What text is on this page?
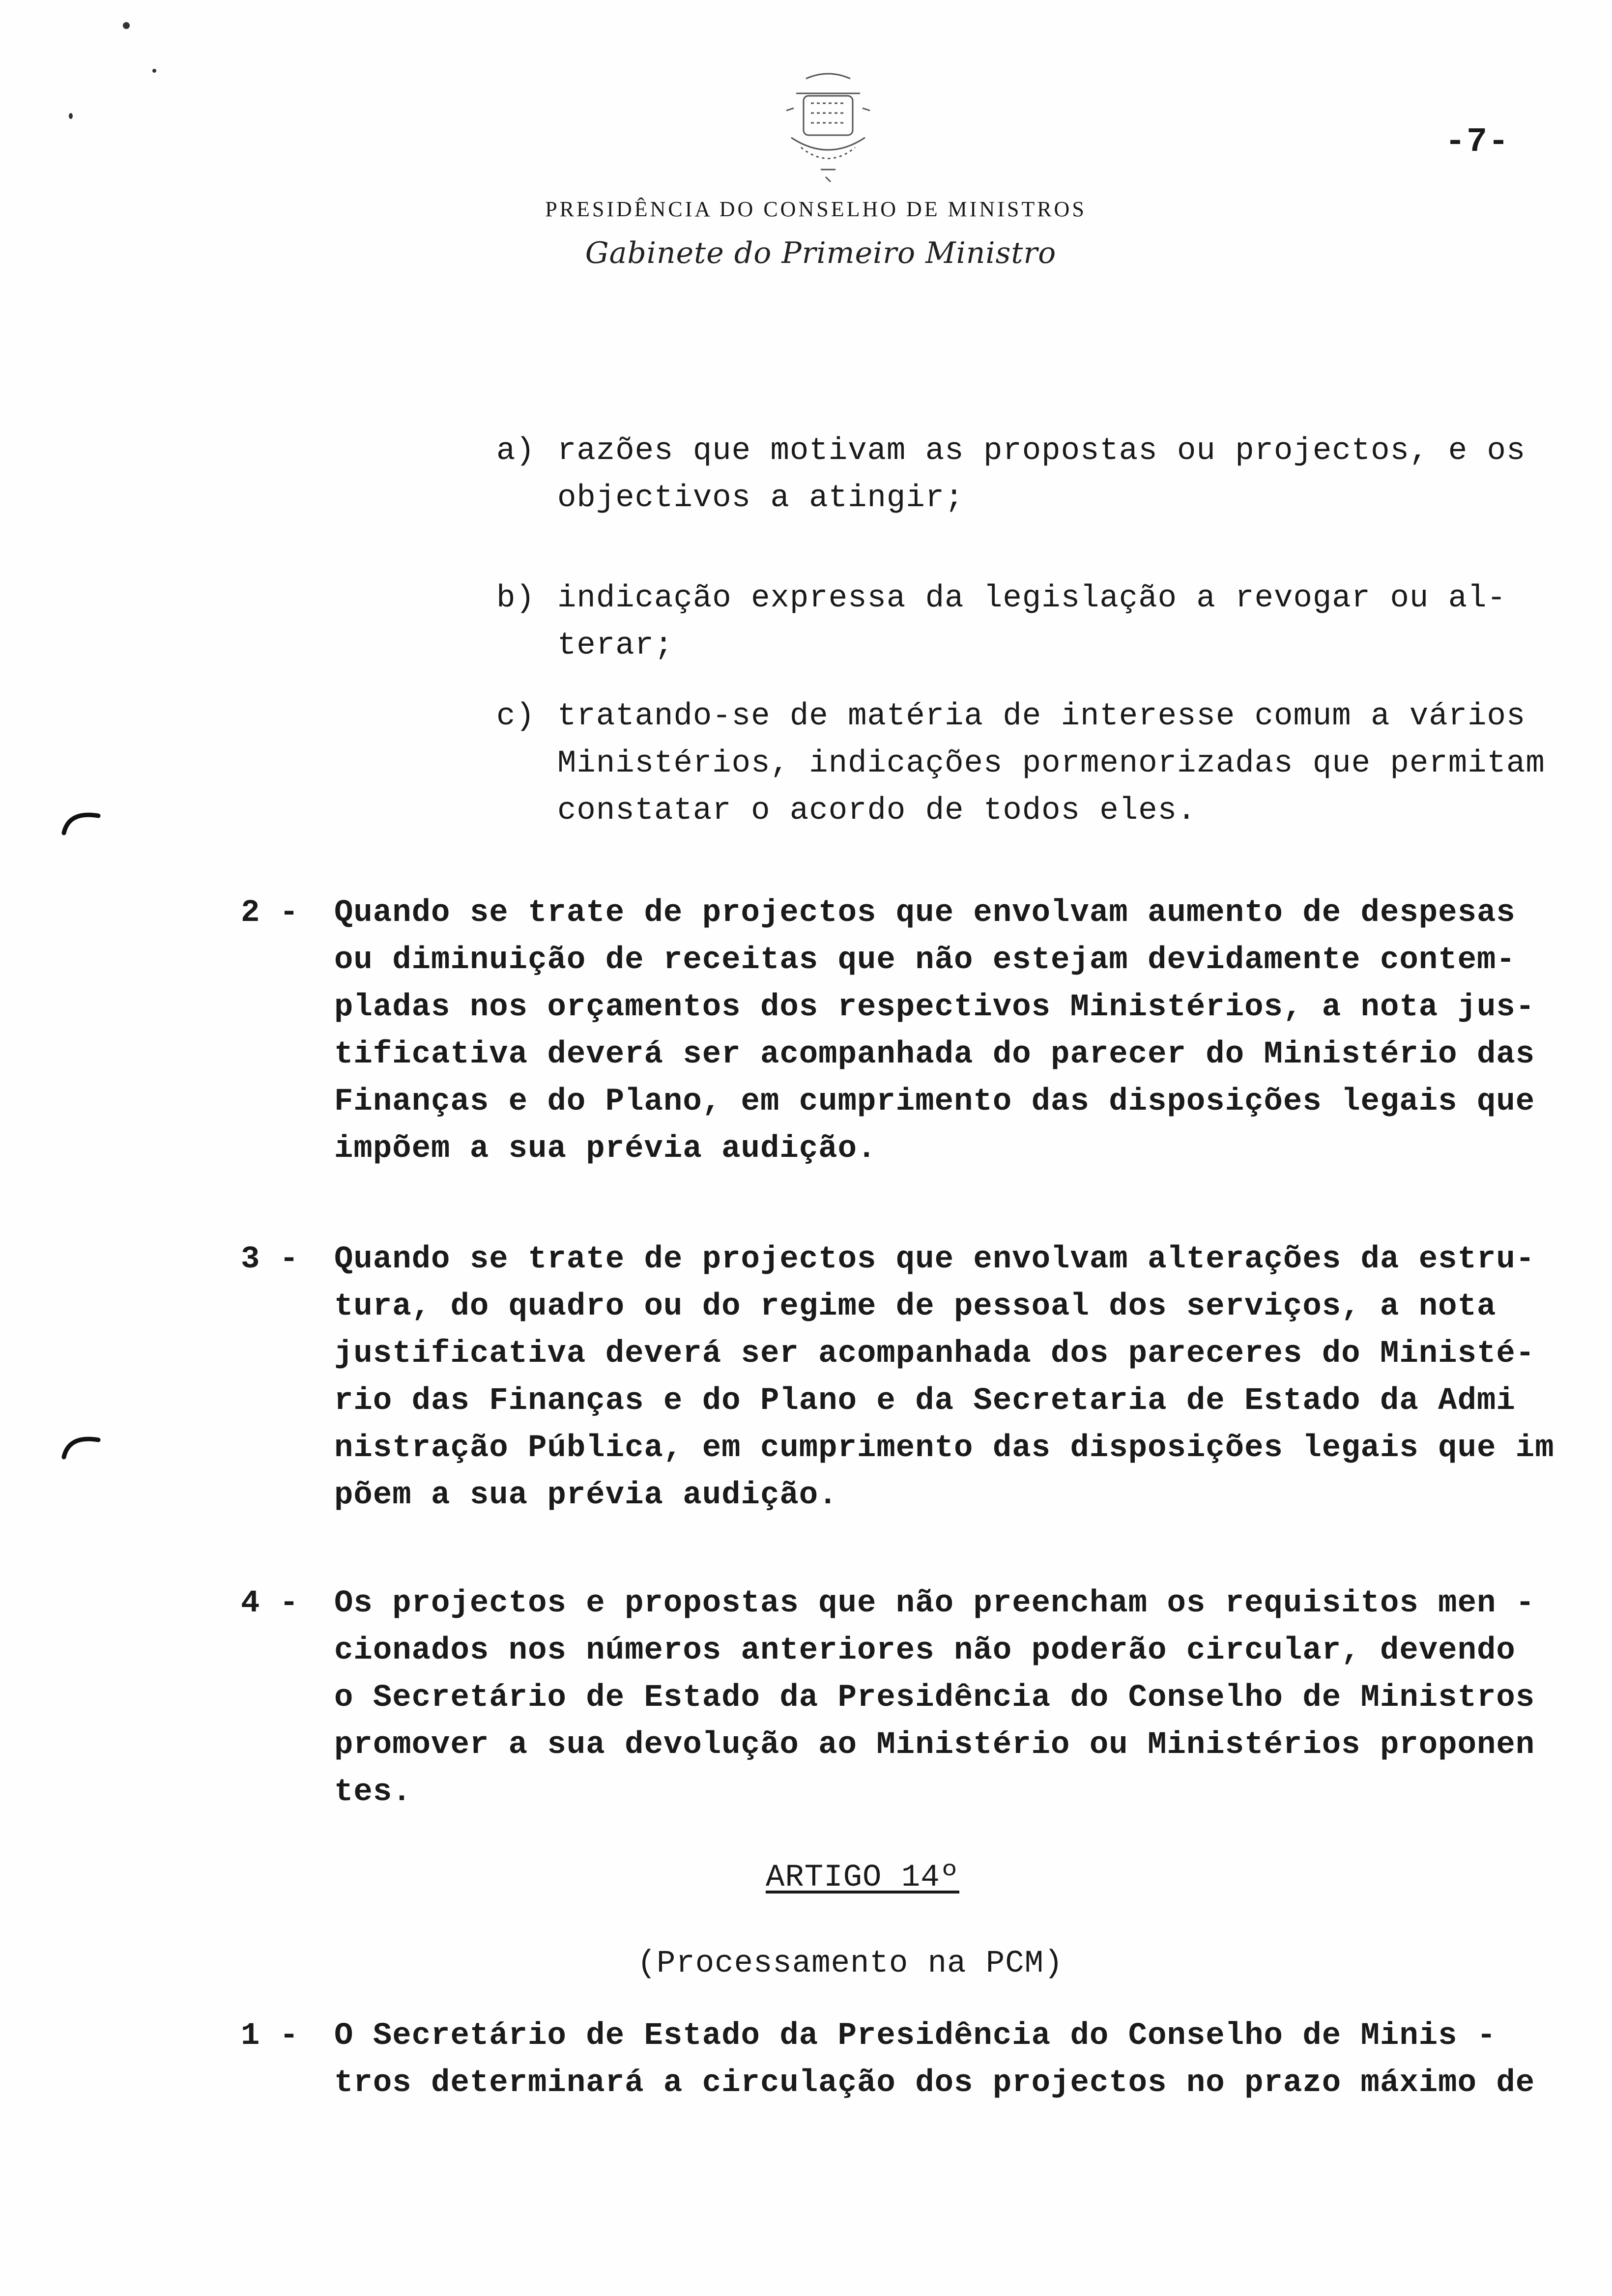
-7-
PRESIDÊNCIA DO CONSELHO DE MINISTROS
Gabinete do Primeiro Ministro
a) razões que motivam as propostas ou projectos, e os
objectivos a atingir;
b) indicação expressa da legislação a revogar ou al-
terar;
c) tratando-se de matéria de interesse comum a vários
Ministérios, indicações pormenorizadas que permitam
constatar o acordo de todos eles.
2 - Quando se trate de projectos que envolvam aumento de despesas
ou diminuição de receitas que não estejam devidamente contem-
pladas nos orçamentos dos respectivos Ministérios, a nota jus-
tificativa deverá ser acompanhada do parecer do Ministério das
Finanças e do Plano, em cumprimento das disposições legais que
impõem a sua prévia audição.
3 - Quando se trate de projectos que envolvam alterações da estru-
tura, do quadro ou do regime de pessoal dos serviços, a nota
justificativa deverá ser acompanhada dos pareceres do Ministé-
rio das Finanças e do Plano e da Secretaria de Estado da Admi
nistração Pública, em cumprimento das disposições legais que im
põem a sua prévia audição.
4 - Os projectos e propostas que não preencham os requisitos men -
cionados nos números anteriores não poderão circular, devendo
o Secretário de Estado da Presidência do Conselho de Ministros
promover a sua devolução ao Ministério ou Ministérios proponen
tes.
ARTIGO 14º
(Processamento na PCM)
1 - O Secretário de Estado da Presidência do Conselho de Minis -
tros determinará a circulação dos projectos no prazo máximo de
